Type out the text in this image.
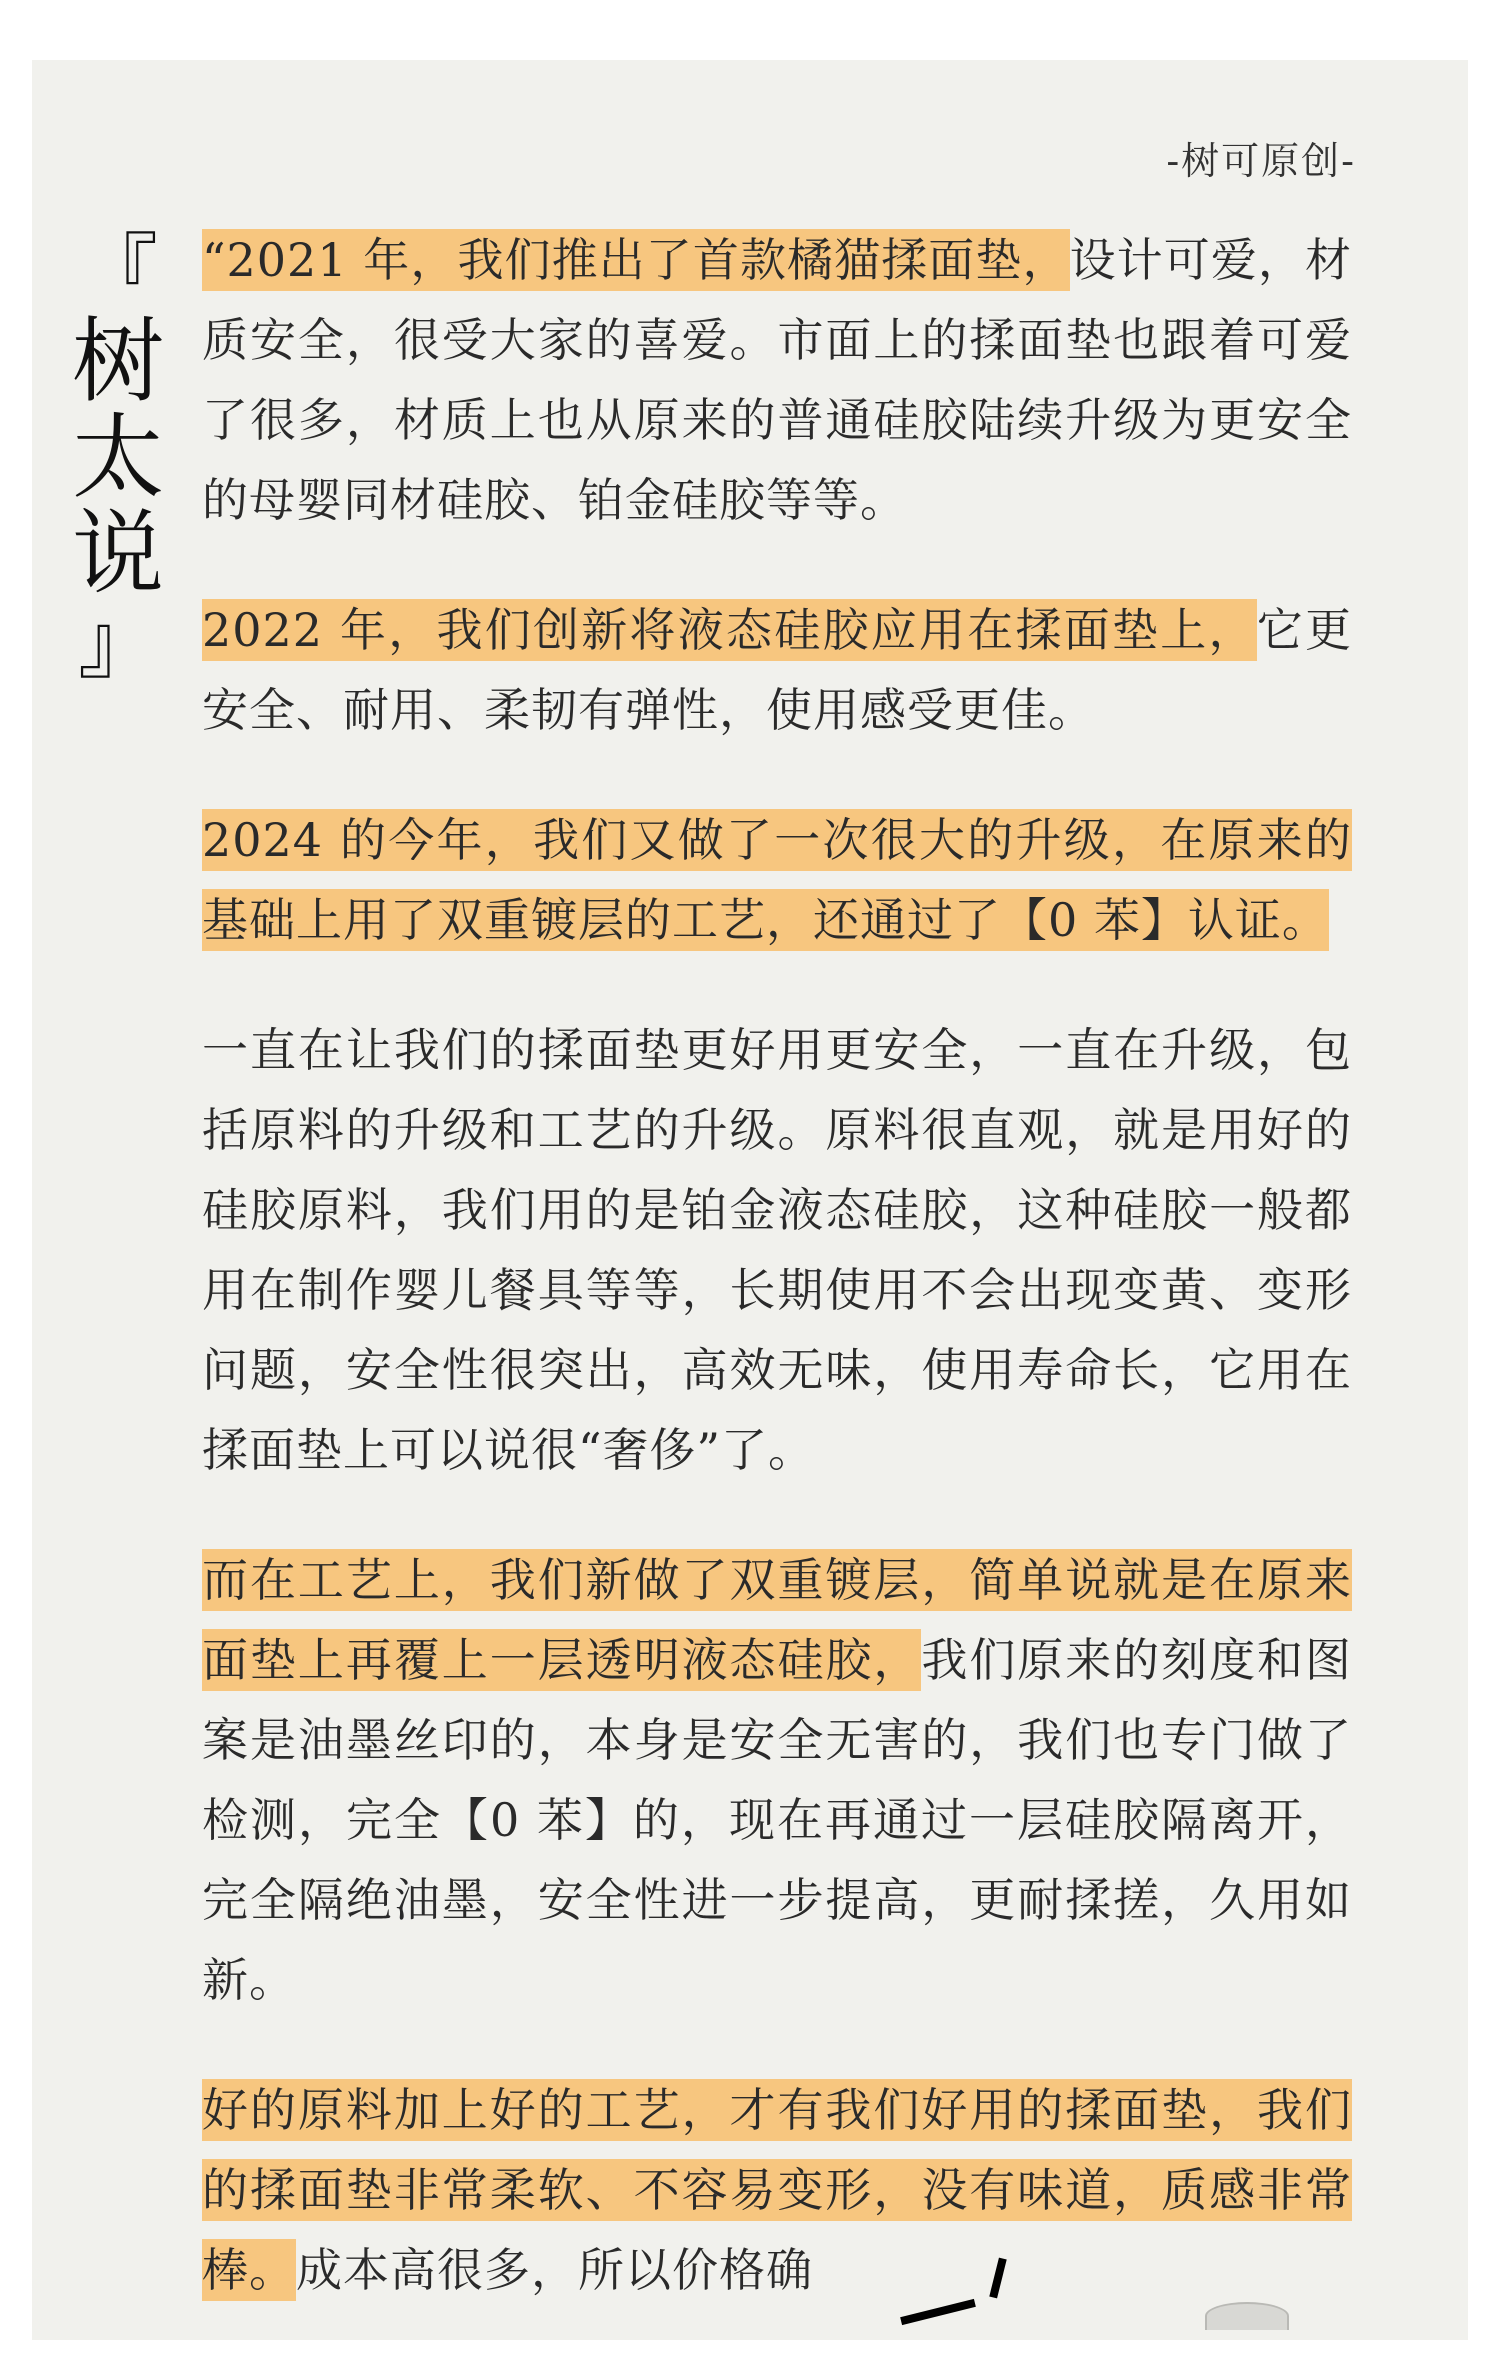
-树可原创-
『
树
太
说
』

“2021 年，我们推出了首款橘猫揉面垫，设计可爱，材质安全，很受大家的喜爱。市面上的揉面垫也跟着可爱了很多，材质上也从原来的普通硅胶陆续升级为更安全的母婴同材硅胶、铂金硅胶等等。

2022 年，我们创新将液态硅胶应用在揉面垫上，它更安全、耐用、柔韧有弹性，使用感受更佳。

2024 的今年，我们又做了一次很大的升级，在原来的基础上用了双重镀层的工艺，还通过了【0 苯】认证。

一直在让我们的揉面垫更好用更安全，一直在升级，包括原料的升级和工艺的升级。原料很直观，就是用好的硅胶原料，我们用的是铂金液态硅胶，这种硅胶一般都用在制作婴儿餐具等等，长期使用不会出现变黄、变形问题，安全性很突出，高效无味，使用寿命长，它用在揉面垫上可以说很“奢侈”了。

而在工艺上，我们新做了双重镀层，简单说就是在原来面垫上再覆上一层透明液态硅胶，我们原来的刻度和图案是油墨丝印的，本身是安全无害的，我们也专门做了检测，完全【0 苯】的，现在再通过一层硅胶隔离开，完全隔绝油墨，安全性进一步提高，更耐揉搓，久用如新。

好的原料加上好的工艺，才有我们好用的揉面垫，我们的揉面垫非常柔软、不容易变形，没有味道，质感非常棒。成本高很多，所以价格确
